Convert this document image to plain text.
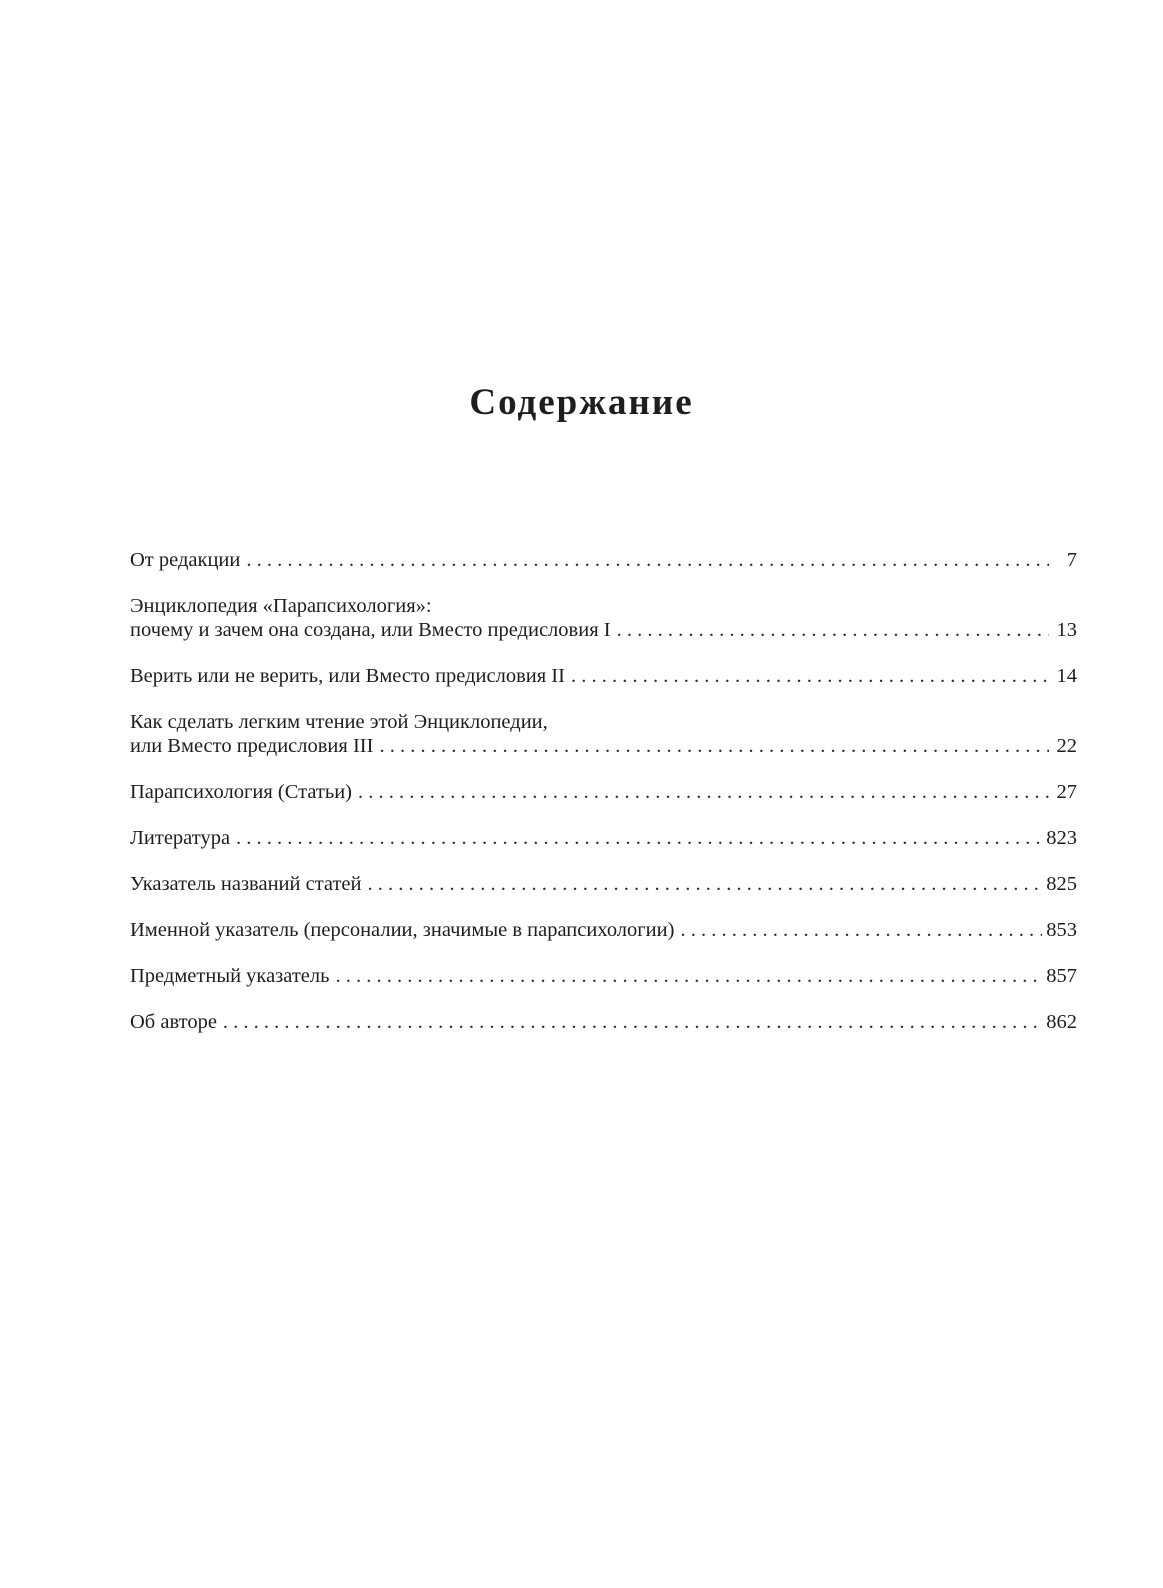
Содержание
От редакции . . .	7
Энциклопедия «Парапсихология»:
почему и зачем она создана, или Вместо предисловия I . . .	13
Верить или не верить, или Вместо предисловия II . . .	14
Как сделать легким чтение этой Энциклопедии,
или Вместо предисловия III . . .	22
Парапсихология (Статьи) . . .	27
Литература . . .	823
Указатель названий статей . . .	825
Именной указатель (персоналии, значимые в парапсихологии) . . .	853
Предметный указатель . . .	857
Об авторе . . .	862
